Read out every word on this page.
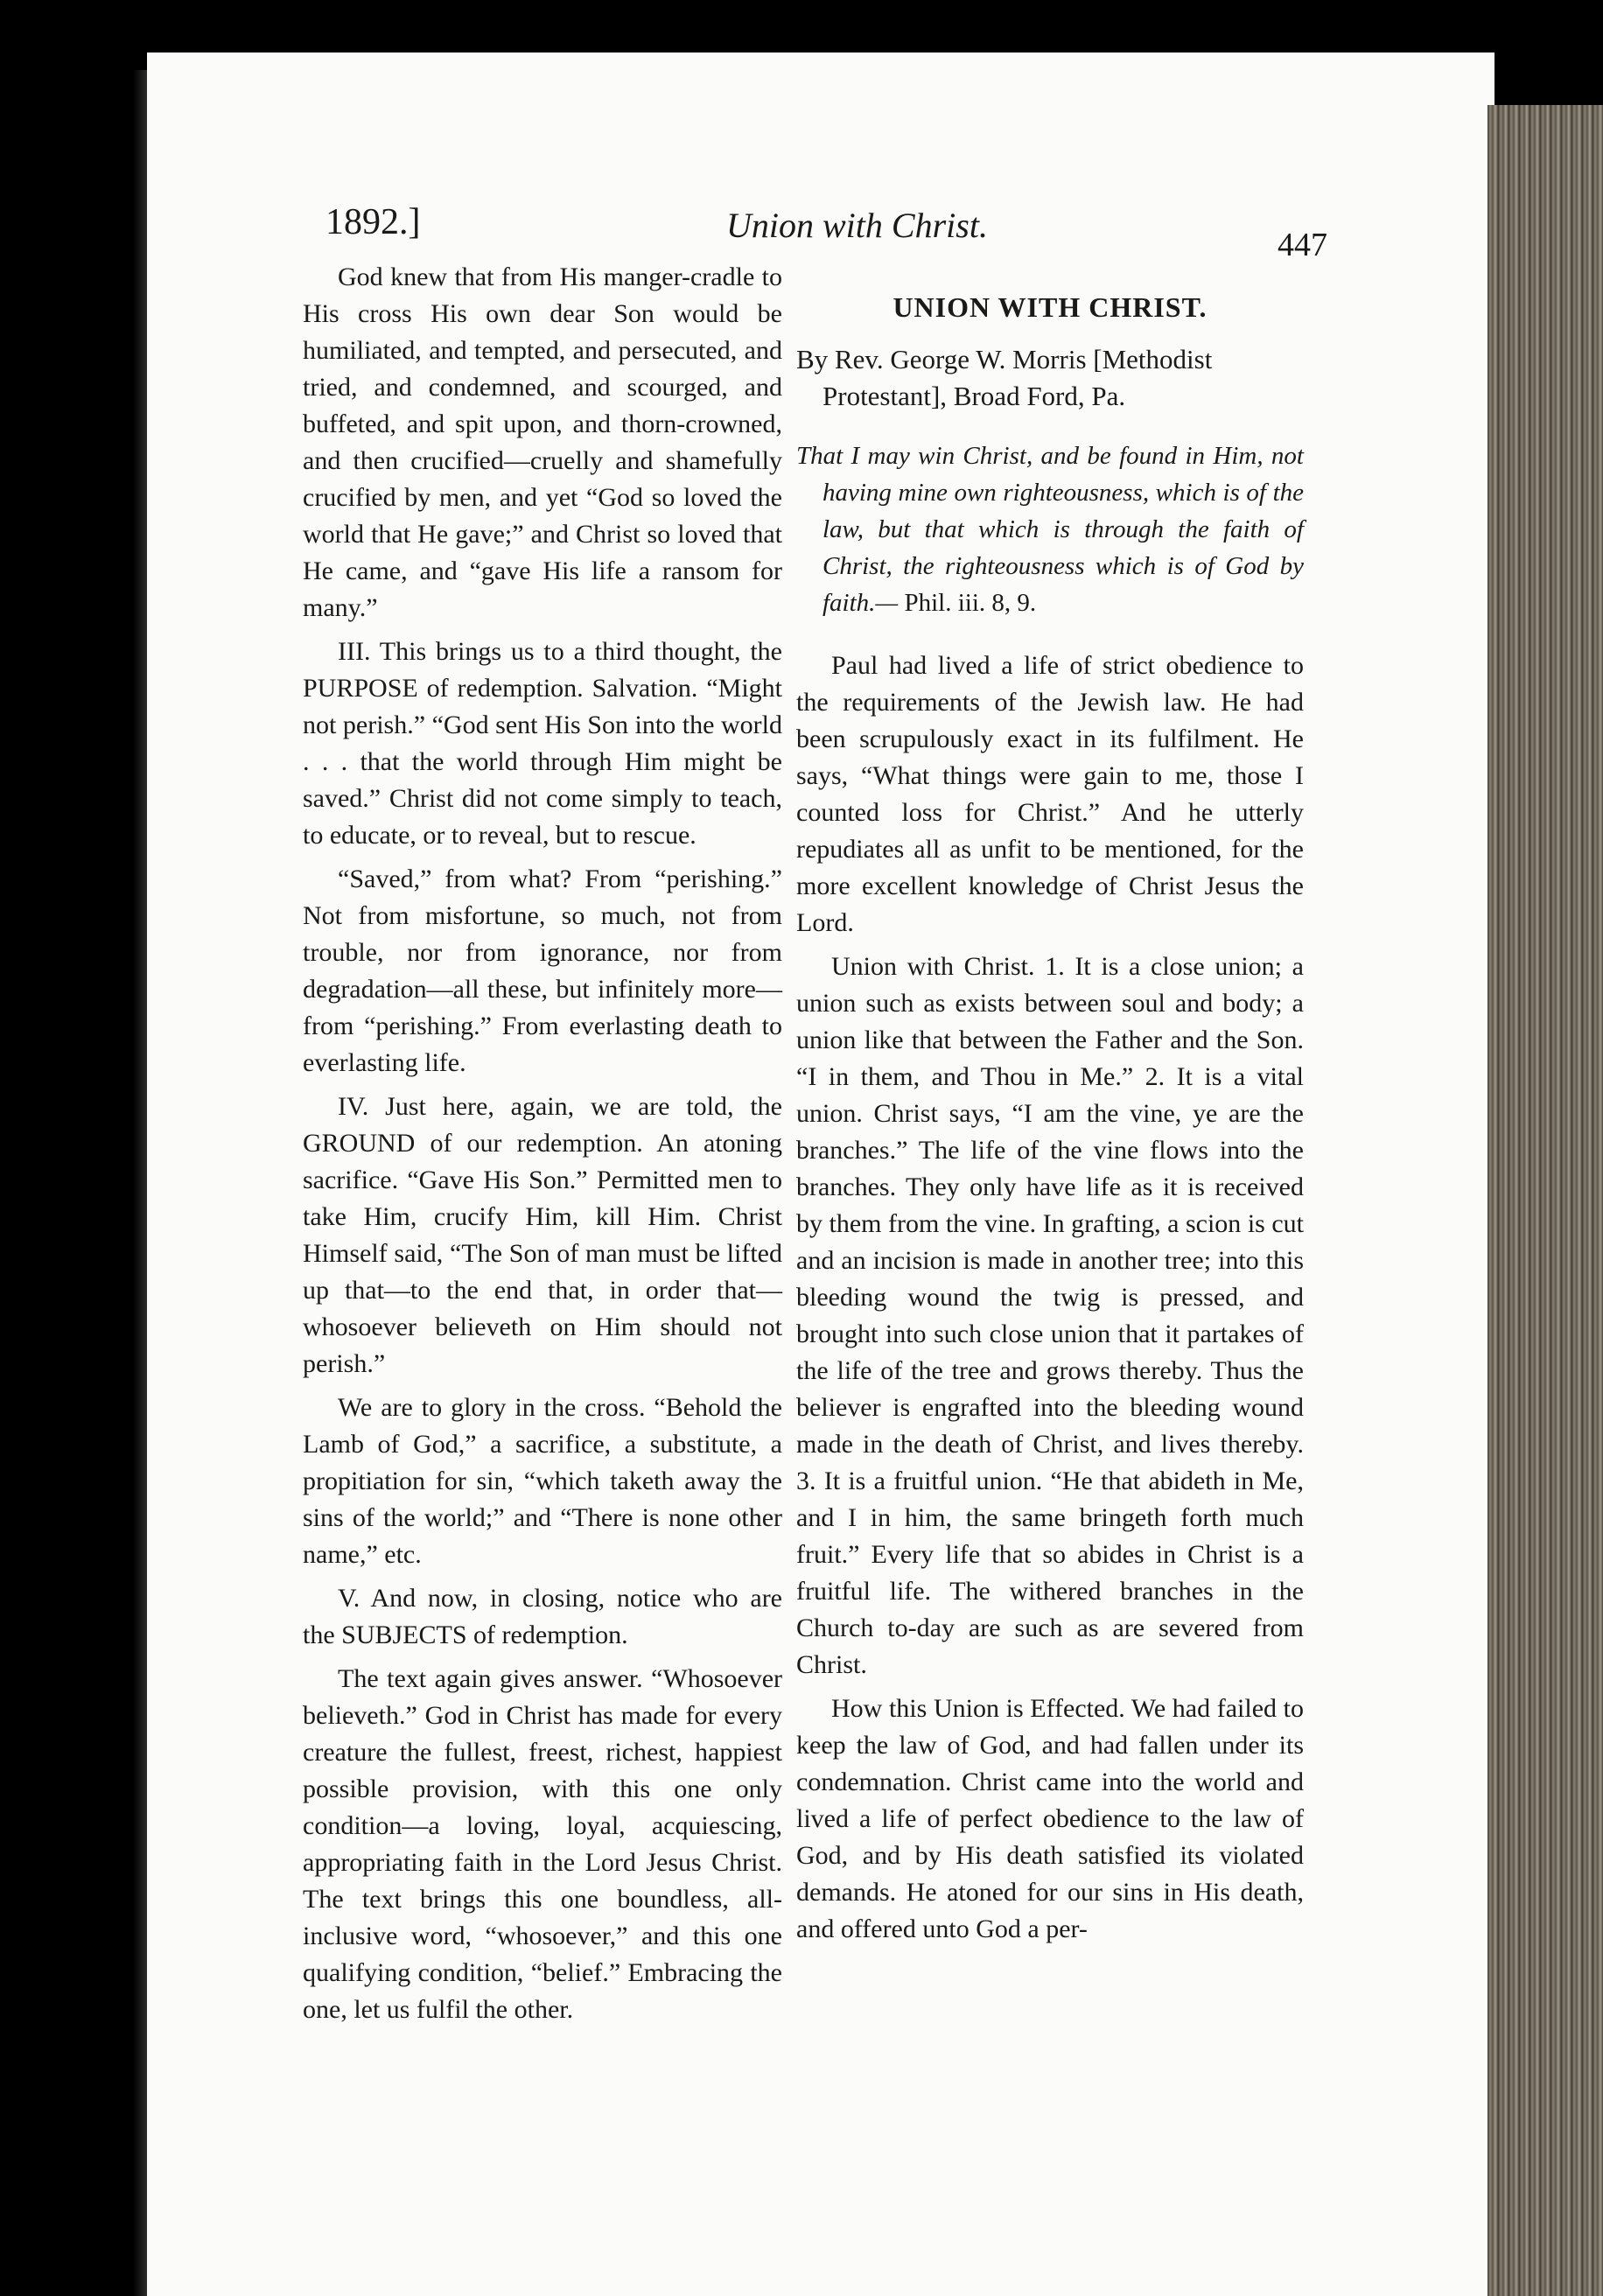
1892.]	Union with Christ.	447

God knew that from His manger-cradle to His cross His own dear Son would be humiliated, and tempted, and persecuted, and tried, and condemned, and scourged, and buffeted, and spit upon, and thorn-crowned, and then crucified—cruelly and shamefully crucified by men, and yet “God so loved the world that He gave;” and Christ so loved that He came, and “gave His life a ransom for many.”

III. This brings us to a third thought, the PURPOSE of redemption. Salvation. “Might not perish.” “God sent His Son into the world . . . that the world through Him might be saved.” Christ did not come simply to teach, to educate, or to reveal, but to rescue.

“Saved,” from what? From “perishing.” Not from misfortune, so much, not from trouble, nor from ignorance, nor from degradation—all these, but infinitely more—from “perishing.” From everlasting death to everlasting life.

IV. Just here, again, we are told, the GROUND of our redemption. An atoning sacrifice. “Gave His Son.” Permitted men to take Him, crucify Him, kill Him. Christ Himself said, “The Son of man must be lifted up that—to the end that, in order that—whosoever believeth on Him should not perish.”

We are to glory in the cross. “Behold the Lamb of God,” a sacrifice, a substitute, a propitiation for sin, “which taketh away the sins of the world;” and “There is none other name,” etc.

V. And now, in closing, notice who are the SUBJECTS of redemption.

The text again gives answer. “Whosoever believeth.” God in Christ has made for every creature the fullest, freest, richest, happiest possible provision, with this one only condition—a loving, loyal, acquiescing, appropriating faith in the Lord Jesus Christ. The text brings this one boundless, all-inclusive word, “whosoever,” and this one qualifying condition, “belief.” Embracing the one, let us fulfil the other.

UNION WITH CHRIST.
By Rev. George W. Morris [Methodist Protestant], Broad Ford, Pa.
That I may win Christ, and be found in Him, not having mine own righteousness, which is of the law, but that which is through the faith of Christ, the righteousness which is of God by faith.— Phil. iii. 8, 9.

Paul had lived a life of strict obedience to the requirements of the Jewish law. He had been scrupulously exact in its fulfilment. He says, “What things were gain to me, those I counted loss for Christ.” And he utterly repudiates all as unfit to be mentioned, for the more excellent knowledge of Christ Jesus the Lord.

Union with Christ. 1. It is a close union; a union such as exists between soul and body; a union like that between the Father and the Son. “I in them, and Thou in Me.” 2. It is a vital union. Christ says, “I am the vine, ye are the branches.” The life of the vine flows into the branches. They only have life as it is received by them from the vine. In grafting, a scion is cut and an incision is made in another tree; into this bleeding wound the twig is pressed, and brought into such close union that it partakes of the life of the tree and grows thereby. Thus the believer is engrafted into the bleeding wound made in the death of Christ, and lives thereby. 3. It is a fruitful union. “He that abideth in Me, and I in him, the same bringeth forth much fruit.” Every life that so abides in Christ is a fruitful life. The withered branches in the Church to-day are such as are severed from Christ.

How this Union is Effected. We had failed to keep the law of God, and had fallen under its condemnation. Christ came into the world and lived a life of perfect obedience to the law of God, and by His death satisfied its violated demands. He atoned for our sins in His death, and offered unto God a per-
